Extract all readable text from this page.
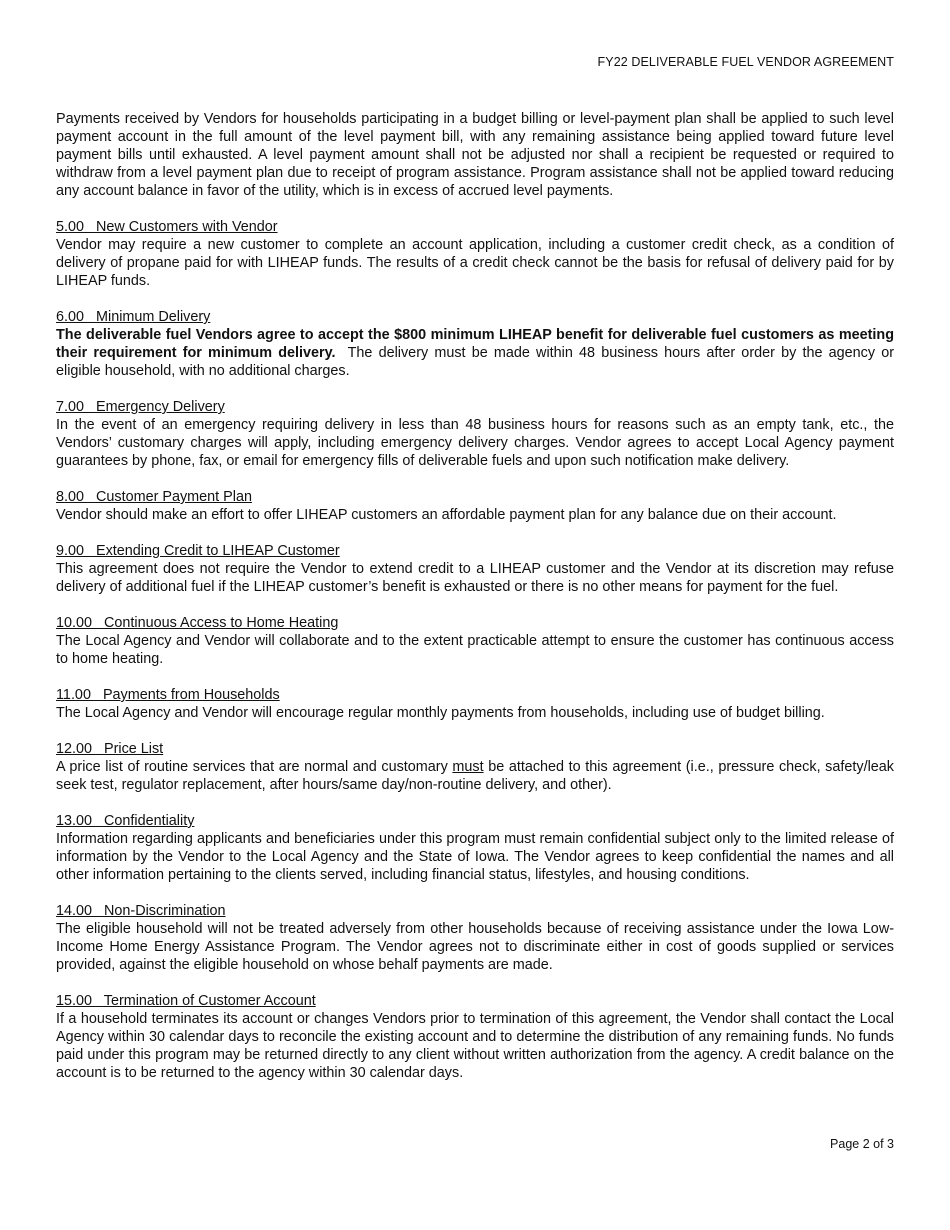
FY22 DELIVERABLE FUEL VENDOR AGREEMENT

Payments received by Vendors for households participating in a budget billing or level-payment plan shall be applied to such level payment account in the full amount of the level payment bill, with any remaining assistance being applied toward future level payment bills until exhausted. A level payment amount shall not be adjusted nor shall a recipient be requested or required to withdraw from a level payment plan due to receipt of program assistance. Program assistance shall not be applied toward reducing any account balance in favor of the utility, which is in excess of accrued level payments.

5.00   New Customers with Vendor

Vendor may require a new customer to complete an account application, including a customer credit check, as a condition of delivery of propane paid for with LIHEAP funds. The results of a credit check cannot be the basis for refusal of delivery paid for by LIHEAP funds.

6.00   Minimum Delivery

The deliverable fuel Vendors agree to accept the $800 minimum LIHEAP benefit for deliverable fuel customers as meeting their requirement for minimum delivery.  The delivery must be made within 48 business hours after order by the agency or eligible household, with no additional charges.

7.00   Emergency Delivery

In the event of an emergency requiring delivery in less than 48 business hours for reasons such as an empty tank, etc., the Vendors’ customary charges will apply, including emergency delivery charges. Vendor agrees to accept Local Agency payment guarantees by phone, fax, or email for emergency fills of deliverable fuels and upon such notification make delivery.

8.00   Customer Payment Plan

Vendor should make an effort to offer LIHEAP customers an affordable payment plan for any balance due on their account.

9.00   Extending Credit to LIHEAP Customer

This agreement does not require the Vendor to extend credit to a LIHEAP customer and the Vendor at its discretion may refuse delivery of additional fuel if the LIHEAP customer’s benefit is exhausted or there is no other means for payment for the fuel.

10.00   Continuous Access to Home Heating

The Local Agency and Vendor will collaborate and to the extent practicable attempt to ensure the customer has continuous access to home heating.

11.00   Payments from Households

The Local Agency and Vendor will encourage regular monthly payments from households, including use of budget billing.

12.00   Price List

A price list of routine services that are normal and customary must be attached to this agreement (i.e., pressure check, safety/leak seek test, regulator replacement, after hours/same day/non-routine delivery, and other).

13.00   Confidentiality

Information regarding applicants and beneficiaries under this program must remain confidential subject only to the limited release of information by the Vendor to the Local Agency and the State of Iowa. The Vendor agrees to keep confidential the names and all other information pertaining to the clients served, including financial status, lifestyles, and housing conditions.

14.00   Non-Discrimination

The eligible household will not be treated adversely from other households because of receiving assistance under the Iowa Low-Income Home Energy Assistance Program. The Vendor agrees not to discriminate either in cost of goods supplied or services provided, against the eligible household on whose behalf payments are made.

15.00   Termination of Customer Account

If a household terminates its account or changes Vendors prior to termination of this agreement, the Vendor shall contact the Local Agency within 30 calendar days to reconcile the existing account and to determine the distribution of any remaining funds. No funds paid under this program may be returned directly to any client without written authorization from the agency. A credit balance on the account is to be returned to the agency within 30 calendar days.

Page 2 of 3
